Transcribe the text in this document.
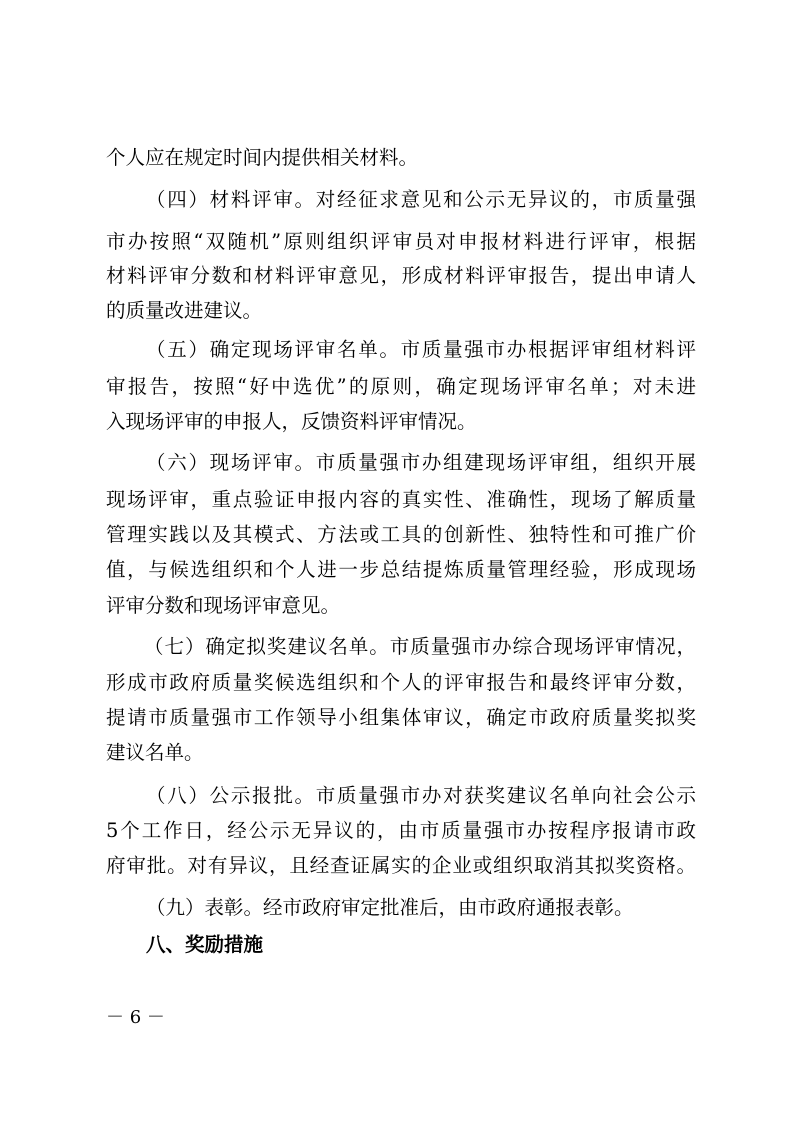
个人应在规定时间内提供相关材料。
（四）材料评审。对经征求意见和公示无异议的，市质量强
市办按照“双随机”原则组织评审员对申报材料进行评审，根据
材料评审分数和材料评审意见，形成材料评审报告，提出申请人
的质量改进建议。
（五）确定现场评审名单。市质量强市办根据评审组材料评
审报告，按照“好中选优”的原则，确定现场评审名单；对未进
入现场评审的申报人，反馈资料评审情况。
（六）现场评审。市质量强市办组建现场评审组，组织开展
现场评审，重点验证申报内容的真实性、准确性，现场了解质量
管理实践以及其模式、方法或工具的创新性、独特性和可推广价
值，与候选组织和个人进一步总结提炼质量管理经验，形成现场
评审分数和现场评审意见。
（七）确定拟奖建议名单。市质量强市办综合现场评审情况，
形成市政府质量奖候选组织和个人的评审报告和最终评审分数，
提请市质量强市工作领导小组集体审议，确定市政府质量奖拟奖
建议名单。
（八）公示报批。市质量强市办对获奖建议名单向社会公示
5个工作日，经公示无异议的，由市质量强市办按程序报请市政
府审批。对有异议，且经查证属实的企业或组织取消其拟奖资格。
（九）表彰。经市政府审定批准后，由市政府通报表彰。
八、奖励措施
－ 6 －
